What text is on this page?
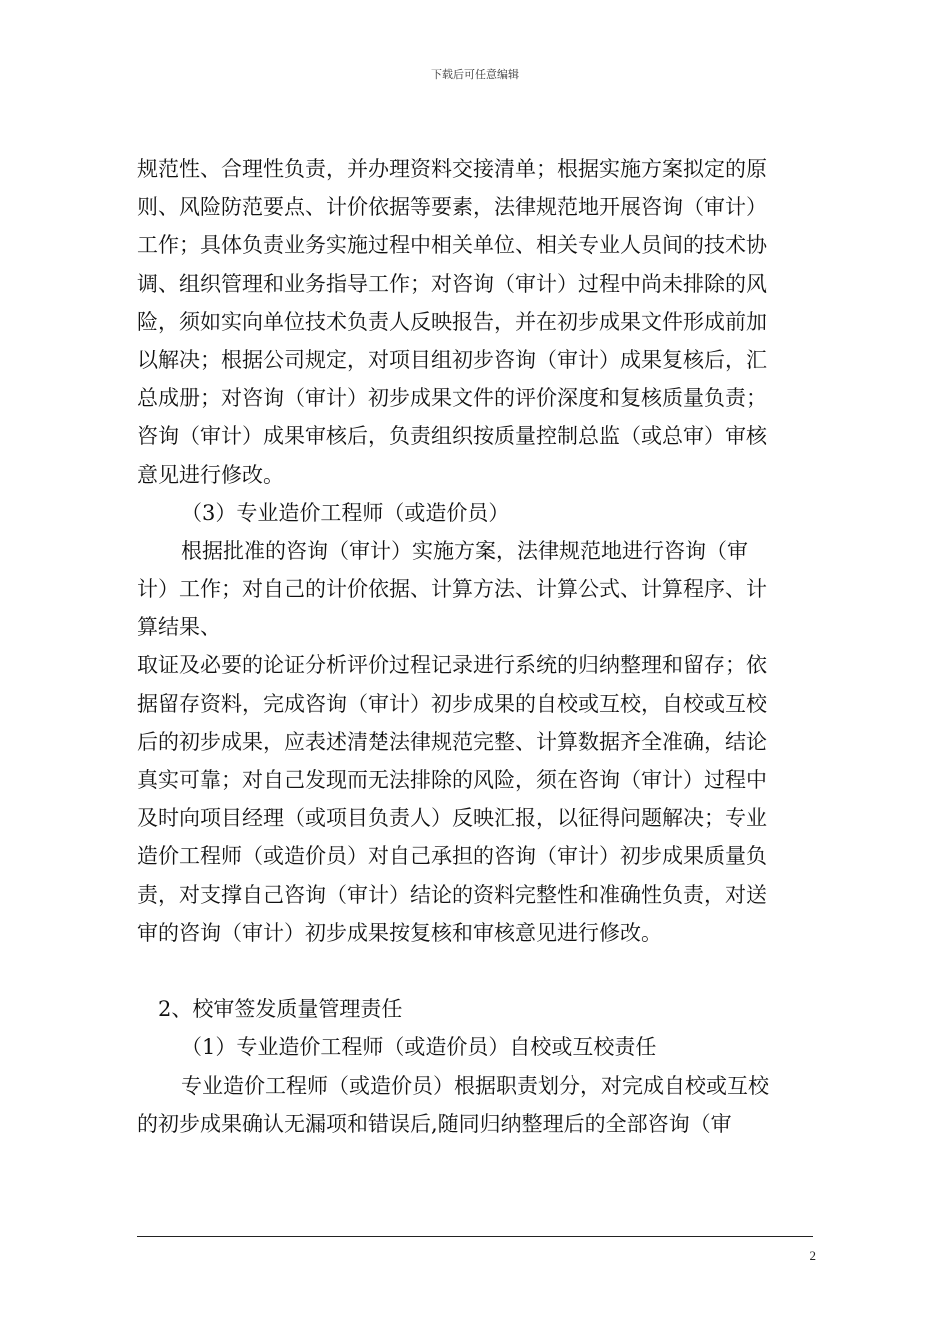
下载后可任意编辑
规范性、合理性负责，并办理资料交接清单；根据实施方案拟定的原
则、风险防范要点、计价依据等要素，法律规范地开展咨询（审计）
工作；具体负责业务实施过程中相关单位、相关专业人员间的技术协
调、组织管理和业务指导工作；对咨询（审计）过程中尚未排除的风
险，须如实向单位技术负责人反映报告，并在初步成果文件形成前加
以解决；根据公司规定，对项目组初步咨询（审计）成果复核后，汇
总成册；对咨询（审计）初步成果文件的评价深度和复核质量负责；
咨询（审计）成果审核后，负责组织按质量控制总监（或总审）审核
意见进行修改。
（3）专业造价工程师（或造价员）
根据批准的咨询（审计）实施方案，法律规范地进行咨询（审
计）工作；对自己的计价依据、计算方法、计算公式、计算程序、计
算结果、
取证及必要的论证分析评价过程记录进行系统的归纳整理和留存；依
据留存资料，完成咨询（审计）初步成果的自校或互校，自校或互校
后的初步成果，应表述清楚法律规范完整、计算数据齐全准确，结论
真实可靠；对自己发现而无法排除的风险，须在咨询（审计）过程中
及时向项目经理（或项目负责人）反映汇报，以征得问题解决；专业
造价工程师（或造价员）对自己承担的咨询（审计）初步成果质量负
责，对支撑自己咨询（审计）结论的资料完整性和准确性负责，对送
审的咨询（审计）初步成果按复核和审核意见进行修改。
2、校审签发质量管理责任
（1）专业造价工程师（或造价员）自校或互校责任
专业造价工程师（或造价员）根据职责划分，对完成自校或互校
的初步成果确认无漏项和错误后,随同归纳整理后的全部咨询（审
2
